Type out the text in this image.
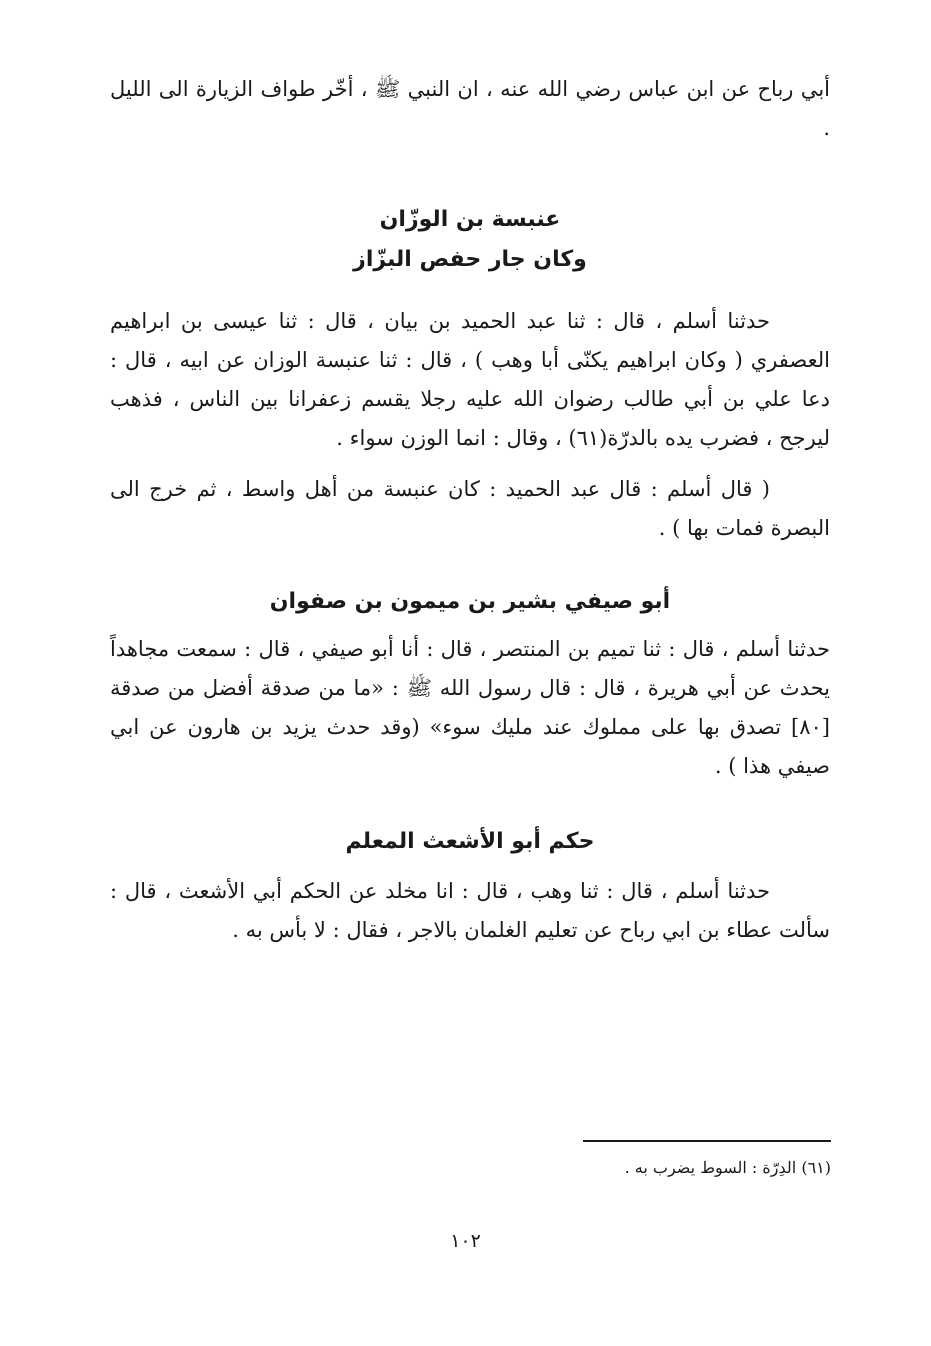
أبي رباح عن ابن عباس رضي الله عنه ، ان النبي ﷺ ، أخّر طواف الزيارة الى الليل .

عنبسة بن الوزّان
وكان جار حفص البزّاز

حدثنا أسلم ، قال : ثنا عبد الحميد بن بيان ، قال : ثنا عيسى بن ابراهيم العصفري ( وكان ابراهيم يكنّى أبا وهب ) ، قال : ثنا عنبسة الوزان عن ابيه ، قال : دعا علي بن أبي طالب رضوان الله عليه رجلا يقسم زعفرانا بين الناس ، فذهب ليرجح ، فضرب يده بالدرّة(٦١) ، وقال : انما الوزن سواء .

( قال أسلم : قال عبد الحميد : كان عنبسة من أهل واسط ، ثم خرج الى البصرة فمات بها ) .

أبو صيفي بشير بن ميمون بن صفوان

حدثنا أسلم ، قال : ثنا تميم بن المنتصر ، قال : أنا أبو صيفي ، قال : سمعت مجاهداً يحدث عن أبي هريرة ، قال : قال رسول الله ﷺ : «ما من صدقة أفضل من صدقة [٨٠] تصدق بها على مملوك عند مليك سوء» (وقد حدث يزيد بن هارون عن ابي صيفي هذا ) .

حكم أبو الأشعث المعلم

حدثنا أسلم ، قال : ثنا وهب ، قال : انا مخلد عن الحكم أبي الأشعث ، قال : سألت عطاء بن ابي رباح عن تعليم الغلمان بالاجر ، فقال : لا بأس به .

(٦١) الدِرّة : السوط يضرب به .
١٠٢
